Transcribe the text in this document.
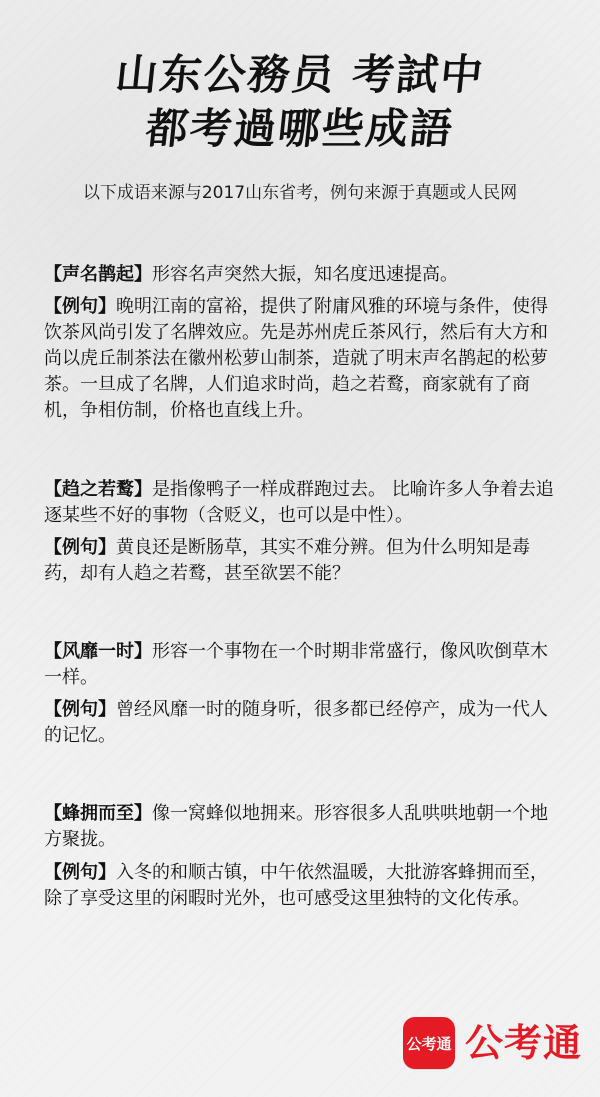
山东公務员 考試中
都考過哪些成語
以下成语来源与2017山东省考，例句来源于真题或人民网
【声名鹊起】形容名声突然大振，知名度迅速提高。
【例句】晚明江南的富裕，提供了附庸风雅的环境与条件，使得饮茶风尚引发了名牌效应。先是苏州虎丘茶风行，然后有大方和尚以虎丘制茶法在徽州松萝山制茶，造就了明末声名鹊起的松萝茶。一旦成了名牌，人们追求时尚，趋之若鹜，商家就有了商机，争相仿制，价格也直线上升。
【趋之若鹜】是指像鸭子一样成群跑过去。 比喻许多人争着去追逐某些不好的事物（含贬义，也可以是中性）。
【例句】黄良还是断肠草，其实不难分辨。但为什么明知是毒药，却有人趋之若鹜，甚至欲罢不能？
【风靡一时】形容一个事物在一个时期非常盛行，像风吹倒草木一样。
【例句】曾经风靡一时的随身听，很多都已经停产，成为一代人的记忆。
【蜂拥而至】像一窝蜂似地拥来。形容很多人乱哄哄地朝一个地方聚拢。
【例句】入冬的和顺古镇，中午依然温暖，大批游客蜂拥而至，除了享受这里的闲暇时光外，也可感受这里独特的文化传承。
公考通 公考通
